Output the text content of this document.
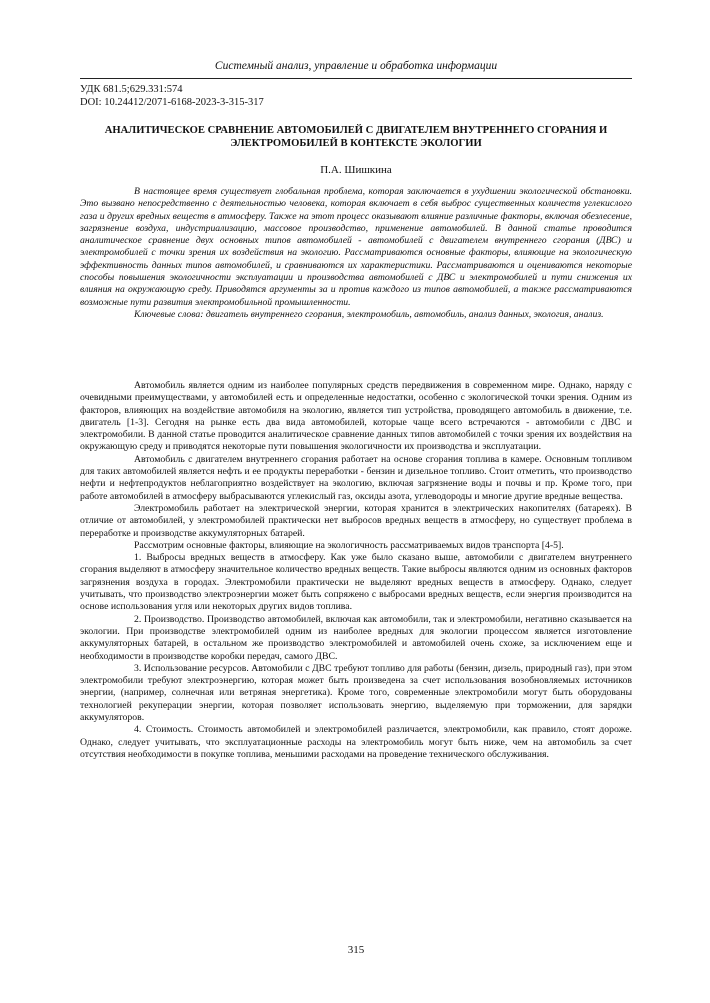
Системный анализ, управление и обработка информации
УДК 681.5;629.331:574
DOI: 10.24412/2071-6168-2023-3-315-317
АНАЛИТИЧЕСКОЕ СРАВНЕНИЕ АВТОМОБИЛЕЙ С ДВИГАТЕЛЕМ ВНУТРЕННЕГО СГОРАНИЯ И ЭЛЕКТРОМОБИЛЕЙ В КОНТЕКСТЕ ЭКОЛОГИИ
П.А. Шишкина

В настоящее время существует глобальная проблема, которая заключается в ухудшении экологической обстановки. Это вызвано непосредственно с деятельностью человека, которая включает в себя выброс существенных количеств углекислого газа и других вредных веществ в атмосферу. Также на этот процесс оказывают влияние различные факторы, включая обезлесение, загрязнение воздуха, индустриализацию, массовое производство, применение автомобилей. В данной статье проводится аналитическое сравнение двух основных типов автомобилей - автомобилей с двигателем внутреннего сгорания (ДВС) и электромобилей с точки зрения их воздействия на экологию. Рассматриваются основные факторы, влияющие на экологическую эффективность данных типов автомобилей, и сравниваются их характеристики. Рассматриваются и оцениваются некоторые способы повышения экологичности эксплуатации и производства автомобилей с ДВС и электромобилей и пути снижения их влияния на окружающую среду. Приводятся аргументы за и против каждого из типов автомобилей, а также рассматриваются возможные пути развития электромобильной промышленности.

Ключевые слова: двигатель внутреннего сгорания, электромобиль, автомобиль, анализ данных, экология, анализ.

Автомобиль является одним из наиболее популярных средств передвижения в современном мире. Однако, наряду с очевидными преимуществами, у автомобилей есть и определенные недостатки, особенно с экологической точки зрения. Одним из факторов, влияющих на воздействие автомобиля на экологию, является тип устройства, проводящего автомобиль в движение, т.е. двигатель [1-3]. Сегодня на рынке есть два вида автомобилей, которые чаще всего встречаются - автомобили с ДВС и электромобили. В данной статье проводится аналитическое сравнение данных типов автомобилей с точки зрения их воздействия на окружающую среду и приводятся некоторые пути повышения экологичности их производства и эксплуатации.

Автомобиль с двигателем внутреннего сгорания работает на основе сгорания топлива в камере. Основным топливом для таких автомобилей является нефть и ее продукты переработки - бензин и дизельное топливо. Стоит отметить, что производство нефти и нефтепродуктов неблагоприятно воздействует на экологию, включая загрязнение воды и почвы и пр. Кроме того, при работе автомобилей в атмосферу выбрасываются углекислый газ, оксиды азота, углеводороды и многие другие вредные вещества.

Электромобиль работает на электрической энергии, которая хранится в электрических накопителях (батареях). В отличие от автомобилей, у электромобилей практически нет выбросов вредных веществ в атмосферу, но существует проблема в переработке и производстве аккумуляторных батарей.

Рассмотрим основные факторы, влияющие на экологичность рассматриваемых видов транспорта [4-5].

1. Выбросы вредных веществ в атмосферу. Как уже было сказано выше, автомобили с двигателем внутреннего сгорания выделяют в атмосферу значительное количество вредных веществ. Такие выбросы являются одним из основных факторов загрязнения воздуха в городах. Электромобили практически не выделяют вредных веществ в атмосферу. Однако, следует учитывать, что производство электроэнергии может быть сопряжено с выбросами вредных веществ, если энергия производится на основе использования угля или некоторых других видов топлива.

2. Производство. Производство автомобилей, включая как автомобили, так и электромобили, негативно сказывается на экологии. При производстве электромобилей одним из наиболее вредных для экологии процессом является изготовление аккумуляторных батарей, в остальном же производство электромобилей и автомобилей очень схоже, за исключением еще и необходимости в производстве коробки передач, самого ДВС.

3. Использование ресурсов. Автомобили с ДВС требуют топливо для работы (бензин, дизель, природный газ), при этом электромобили требуют электроэнергию, которая может быть произведена за счет использования возобновляемых источников энергии, (например, солнечная или ветряная энергетика). Кроме того, современные электромобили могут быть оборудованы технологией рекуперации энергии, которая позволяет использовать энергию, выделяемую при торможении, для зарядки аккумуляторов.

4. Стоимость. Стоимость автомобилей и электромобилей различается, электромобили, как правило, стоят дороже. Однако, следует учитывать, что эксплуатационные расходы на электромобиль могут быть ниже, чем на автомобиль за счет отсутствия необходимости в покупке топлива, меньшими расходами на проведение технического обслуживания.

315
